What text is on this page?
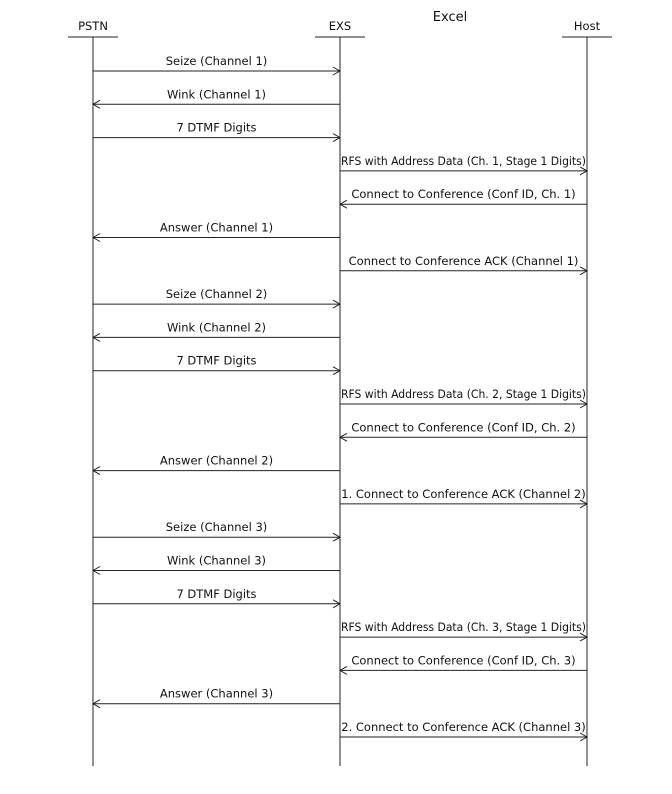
Excel
PSTN	EXS	Host
Seize (Channel 1)
Wink (Channel 1)
7 DTMF Digits
RFS with Address Data (Ch. 1, Stage 1 Digits)
Connect to Conference (Conf ID, Ch. 1)
Answer (Channel 1)
Connect to Conference ACK (Channel 1)
Seize (Channel 2)
Wink (Channel 2)
7 DTMF Digits
RFS with Address Data (Ch. 2, Stage 1 Digits)
Connect to Conference (Conf ID, Ch. 2)
Answer (Channel 2)
1. Connect to Conference ACK (Channel 2)
Seize (Channel 3)
Wink (Channel 3)
7 DTMF Digits
RFS with Address Data (Ch. 3, Stage 1 Digits)
Connect to Conference (Conf ID, Ch. 3)
Answer (Channel 3)
2. Connect to Conference ACK (Channel 3)
